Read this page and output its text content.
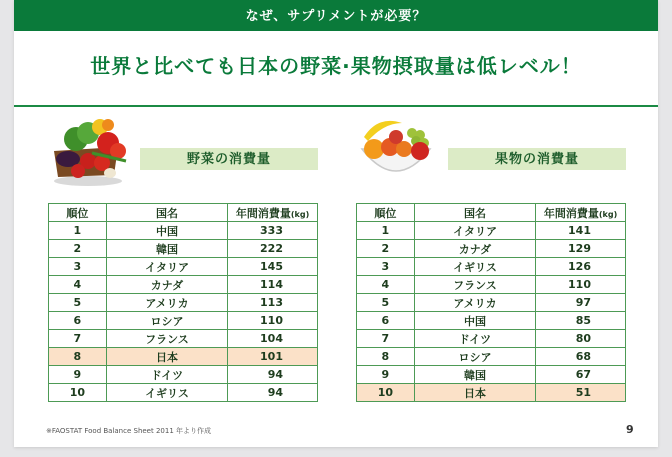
なぜ、サプリメントが必要？
世界と比べても日本の野菜·果物摂取量は低レベル！
野菜の消費量	果物の消費量
順位	国名	年間消費量(kg)
1	中国	333
2	韓国	222
3	イタリア	145
4	カナダ	114
5	アメリカ	113
6	ロシア	110
7	フランス	104
8	日本	101
9	ドイツ	94
10	イギリス	94
順位	国名	年間消費量(kg)
1	イタリア	141
2	カナダ	129
3	イギリス	126
4	フランス	110
5	アメリカ	97
6	中国	85
7	ドイツ	80
8	ロシア	68
9	韓国	67
10	日本	51
※FAOSTAT Food Balance Sheet 2011 年より作成	9
